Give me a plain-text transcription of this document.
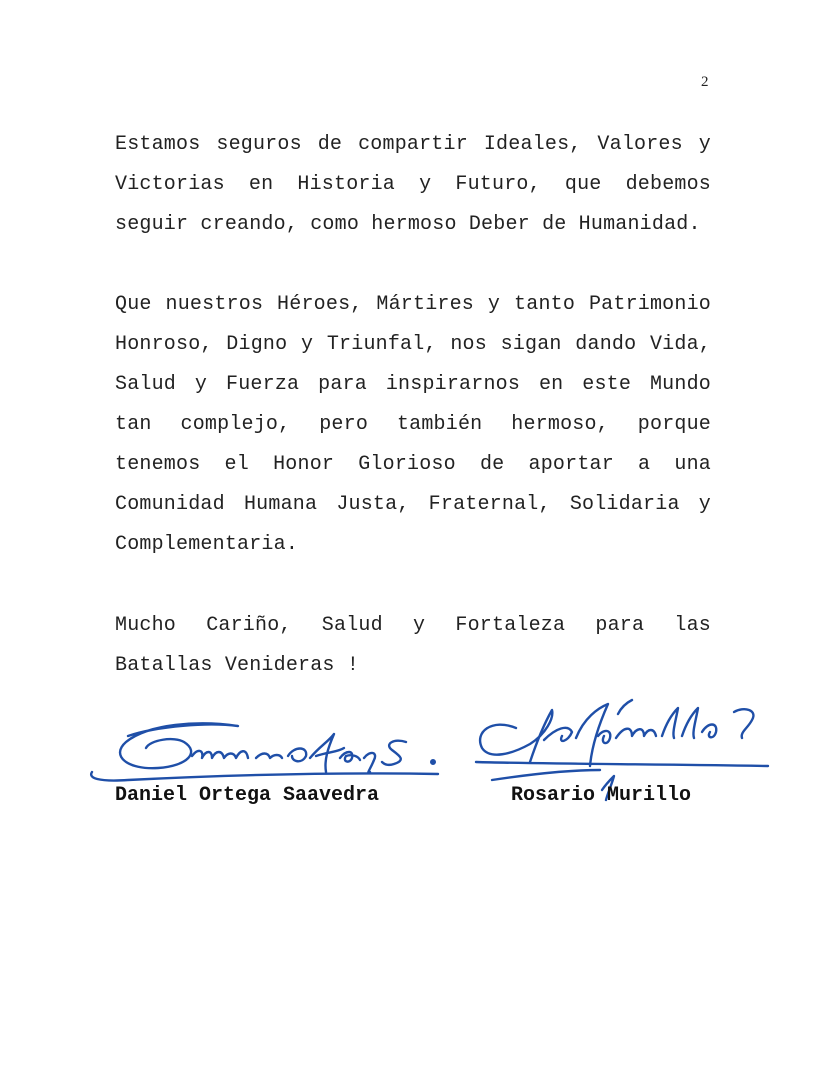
2

Estamos seguros de compartir Ideales, Valores y Victorias en Historia y Futuro, que debemos seguir creando, como hermoso Deber de Humanidad.

Que nuestros Héroes, Mártires y tanto Patrimonio Honroso, Digno y Triunfal, nos sigan dando Vida, Salud y Fuerza para inspirarnos en este Mundo tan complejo, pero también hermoso, porque tenemos el Honor Glorioso de aportar a una Comunidad Humana Justa, Fraternal, Solidaria y Complementaria.

Mucho Cariño, Salud y Fortaleza para las Batallas Venideras !

Daniel Ortega Saavedra	Rosario Murillo
